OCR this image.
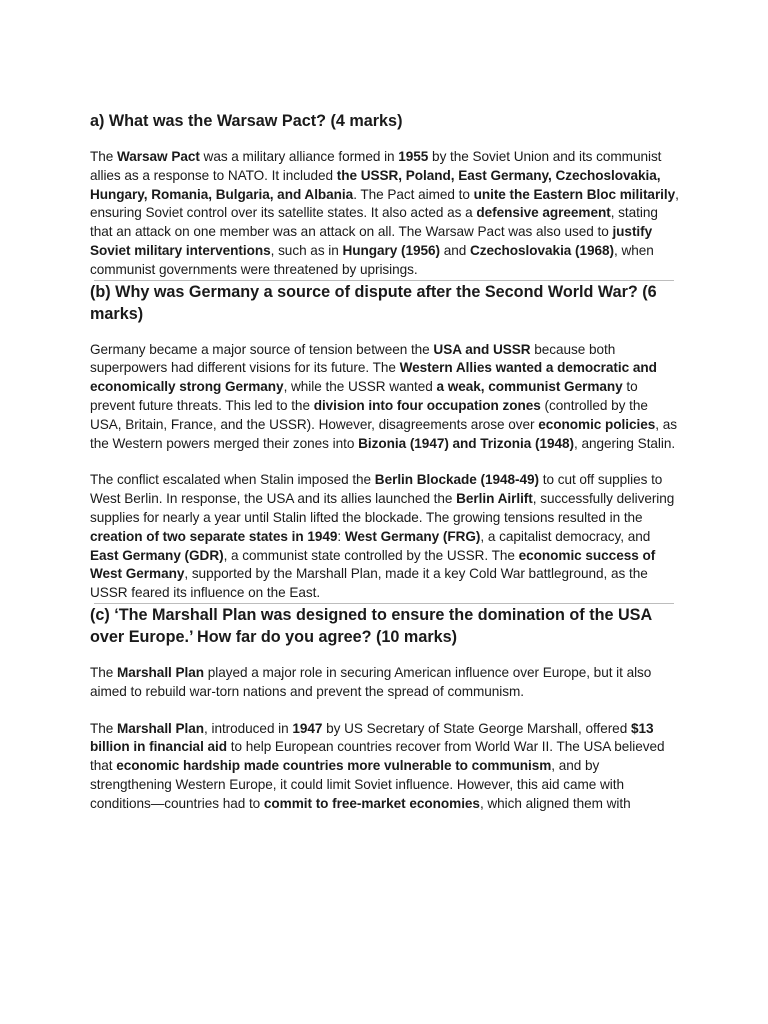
a) What was the Warsaw Pact? (4 marks)

The Warsaw Pact was a military alliance formed in 1955 by the Soviet Union and its communist allies as a response to NATO. It included the USSR, Poland, East Germany, Czechoslovakia, Hungary, Romania, Bulgaria, and Albania. The Pact aimed to unite the Eastern Bloc militarily, ensuring Soviet control over its satellite states. It also acted as a defensive agreement, stating that an attack on one member was an attack on all. The Warsaw Pact was also used to justify Soviet military interventions, such as in Hungary (1956) and Czechoslovakia (1968), when communist governments were threatened by uprisings.

(b) Why was Germany a source of dispute after the Second World War? (6 marks)

Germany became a major source of tension between the USA and USSR because both superpowers had different visions for its future. The Western Allies wanted a democratic and economically strong Germany, while the USSR wanted a weak, communist Germany to prevent future threats. This led to the division into four occupation zones (controlled by the USA, Britain, France, and the USSR). However, disagreements arose over economic policies, as the Western powers merged their zones into Bizonia (1947) and Trizonia (1948), angering Stalin.

The conflict escalated when Stalin imposed the Berlin Blockade (1948-49) to cut off supplies to West Berlin. In response, the USA and its allies launched the Berlin Airlift, successfully delivering supplies for nearly a year until Stalin lifted the blockade. The growing tensions resulted in the creation of two separate states in 1949: West Germany (FRG), a capitalist democracy, and East Germany (GDR), a communist state controlled by the USSR. The economic success of West Germany, supported by the Marshall Plan, made it a key Cold War battleground, as the USSR feared its influence on the East.

(c) ‘The Marshall Plan was designed to ensure the domination of the USA over Europe.’ How far do you agree? (10 marks)

The Marshall Plan played a major role in securing American influence over Europe, but it also aimed to rebuild war-torn nations and prevent the spread of communism.

The Marshall Plan, introduced in 1947 by US Secretary of State George Marshall, offered $13 billion in financial aid to help European countries recover from World War II. The USA believed that economic hardship made countries more vulnerable to communism, and by strengthening Western Europe, it could limit Soviet influence. However, this aid came with conditions—countries had to commit to free-market economies, which aligned them with
